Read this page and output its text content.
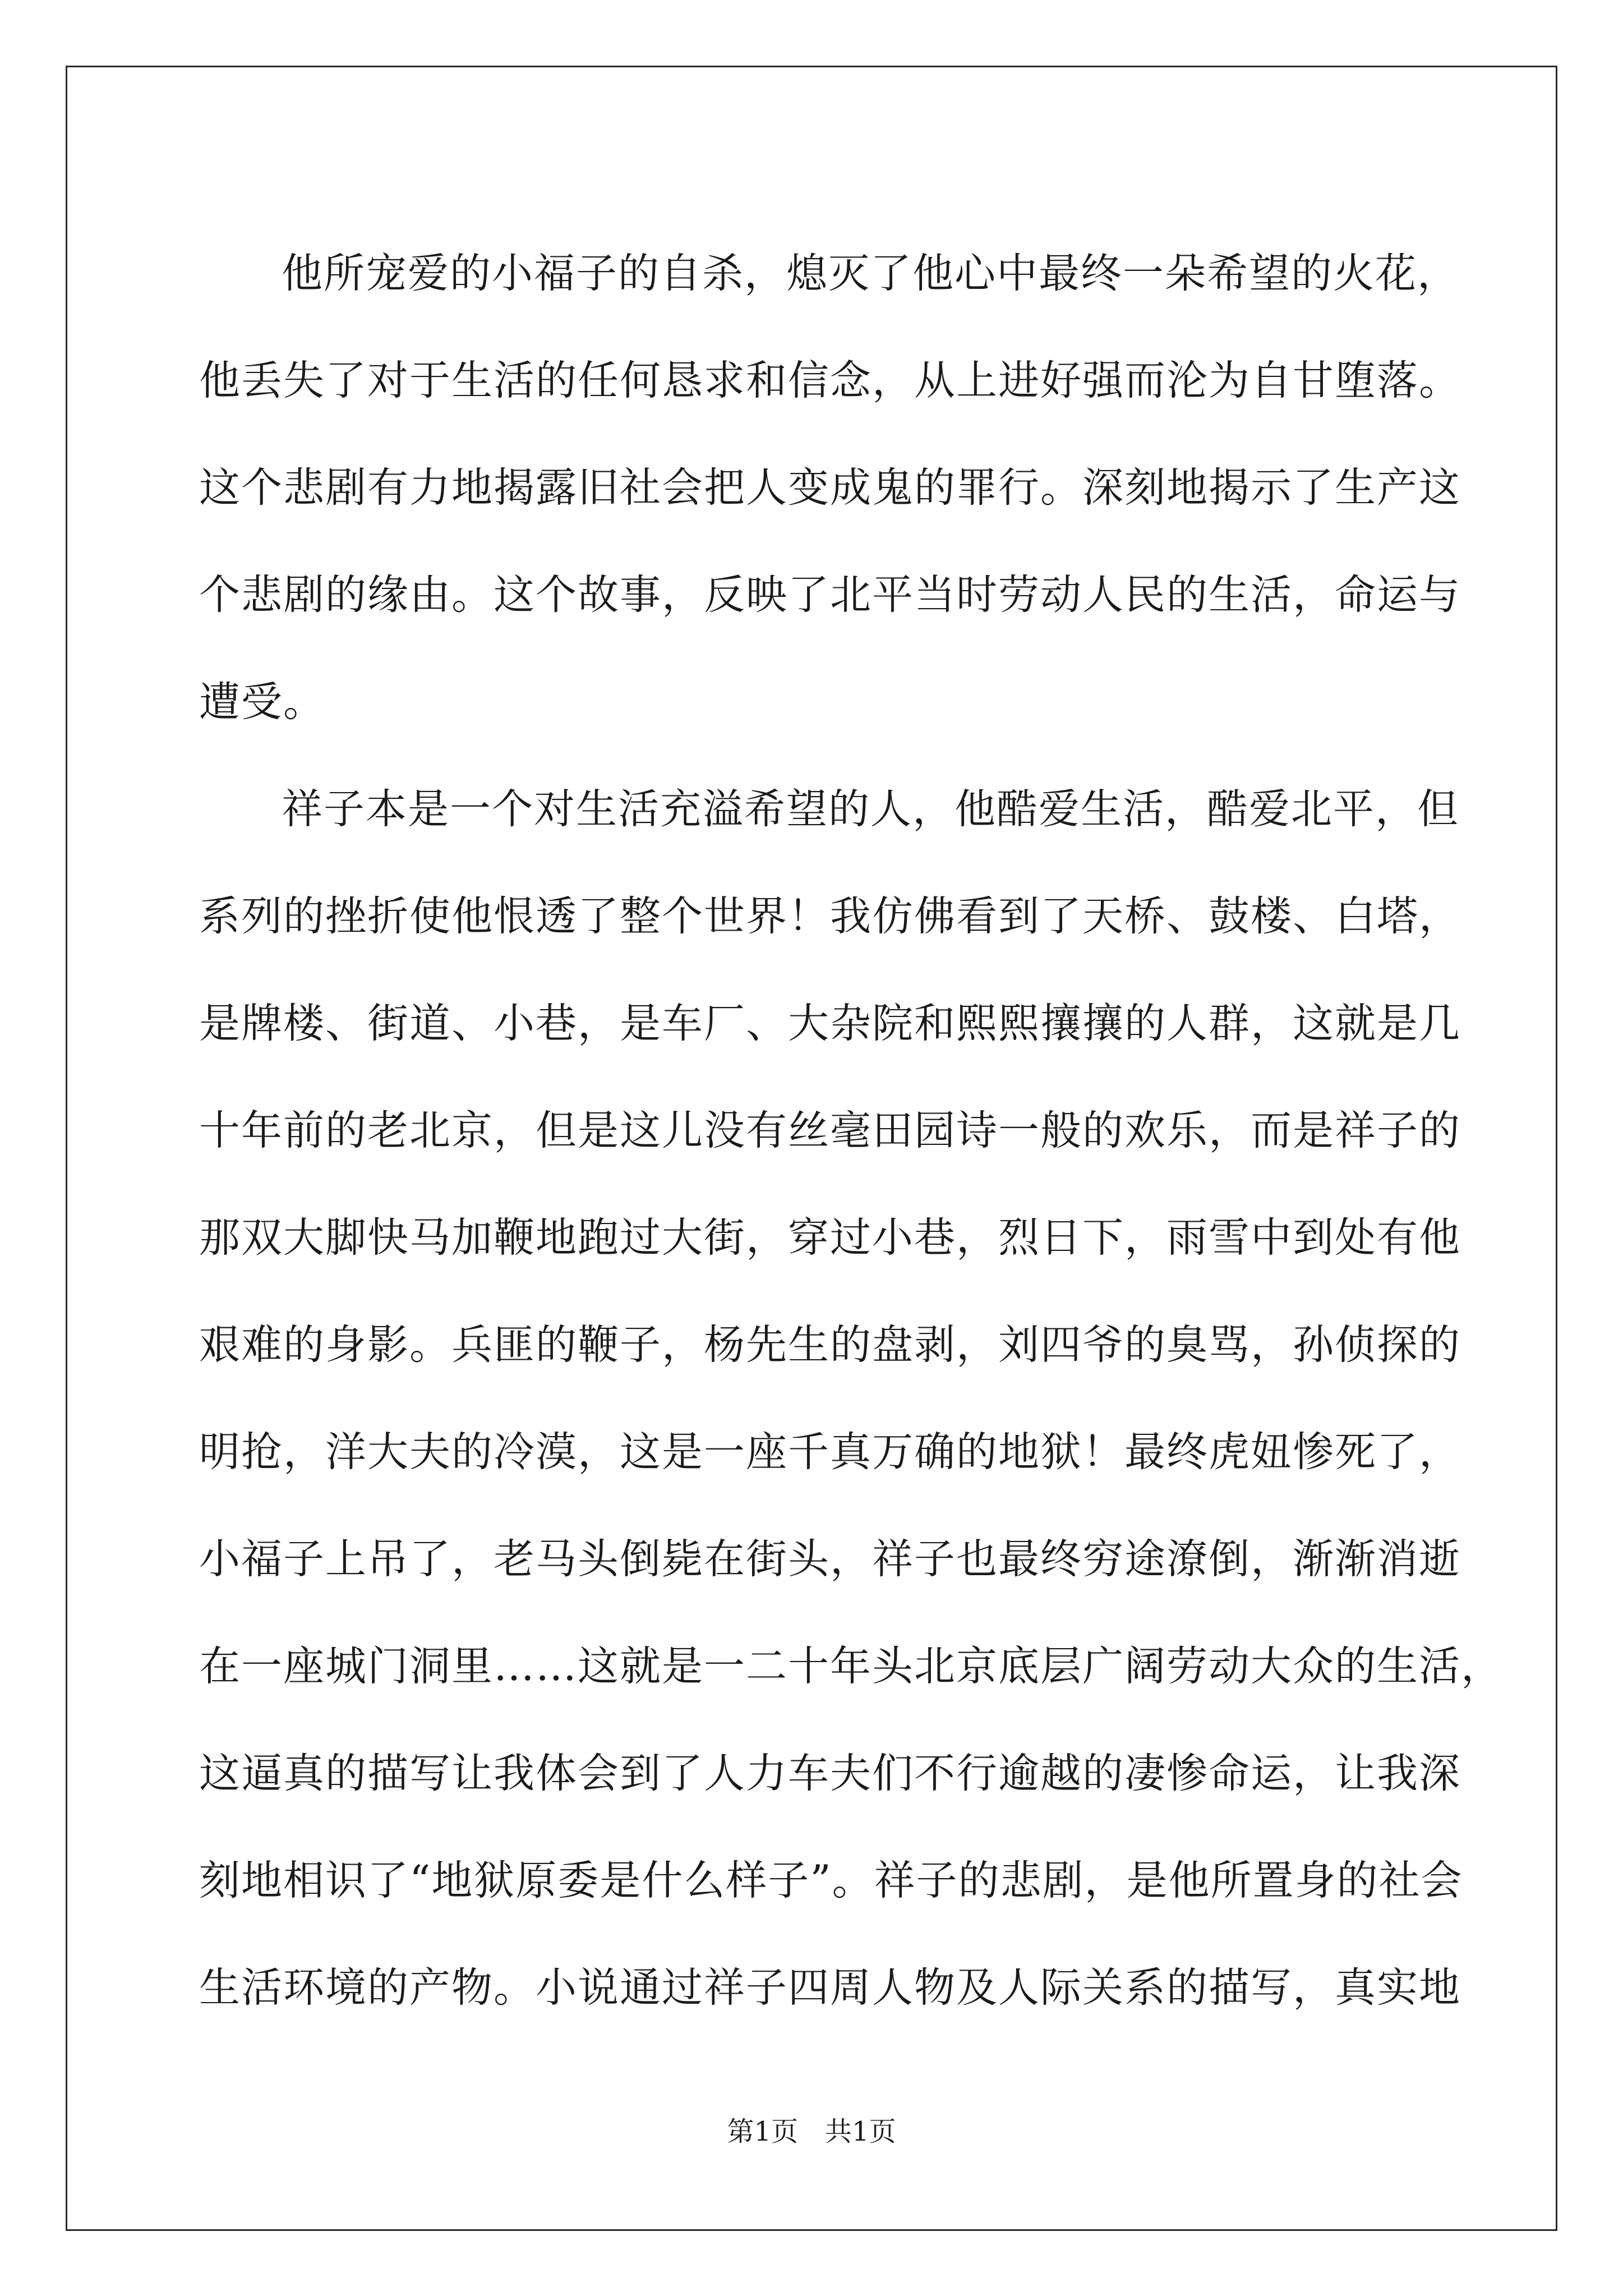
他所宠爱的小福子的自杀，熄灭了他心中最终一朵希望的火花，
他丢失了对于生活的任何恳求和信念，从上进好强而沦为自甘堕落。
这个悲剧有力地揭露旧社会把人变成鬼的罪行。深刻地揭示了生产这
个悲剧的缘由。这个故事，反映了北平当时劳动人民的生活，命运与
遭受。
祥子本是一个对生活充溢希望的人，他酷爱生活，酷爱北平，但
系列的挫折使他恨透了整个世界！我仿佛看到了天桥、鼓楼、白塔，
是牌楼、街道、小巷，是车厂、大杂院和熙熙攘攘的人群，这就是几
十年前的老北京，但是这儿没有丝毫田园诗一般的欢乐，而是祥子的
那双大脚快马加鞭地跑过大街，穿过小巷，烈日下，雨雪中到处有他
艰难的身影。兵匪的鞭子，杨先生的盘剥，刘四爷的臭骂，孙侦探的
明抢，洋大夫的冷漠，这是一座千真万确的地狱！最终虎妞惨死了，
小福子上吊了，老马头倒毙在街头，祥子也最终穷途潦倒，渐渐消逝
在一座城门洞里……这就是一二十年头北京底层广阔劳动大众的生活，
这逼真的描写让我体会到了人力车夫们不行逾越的凄惨命运，让我深
刻地相识了“地狱原委是什么样子”。祥子的悲剧，是他所置身的社会
生活环境的产物。小说通过祥子四周人物及人际关系的描写，真实地
第1页　共1页
